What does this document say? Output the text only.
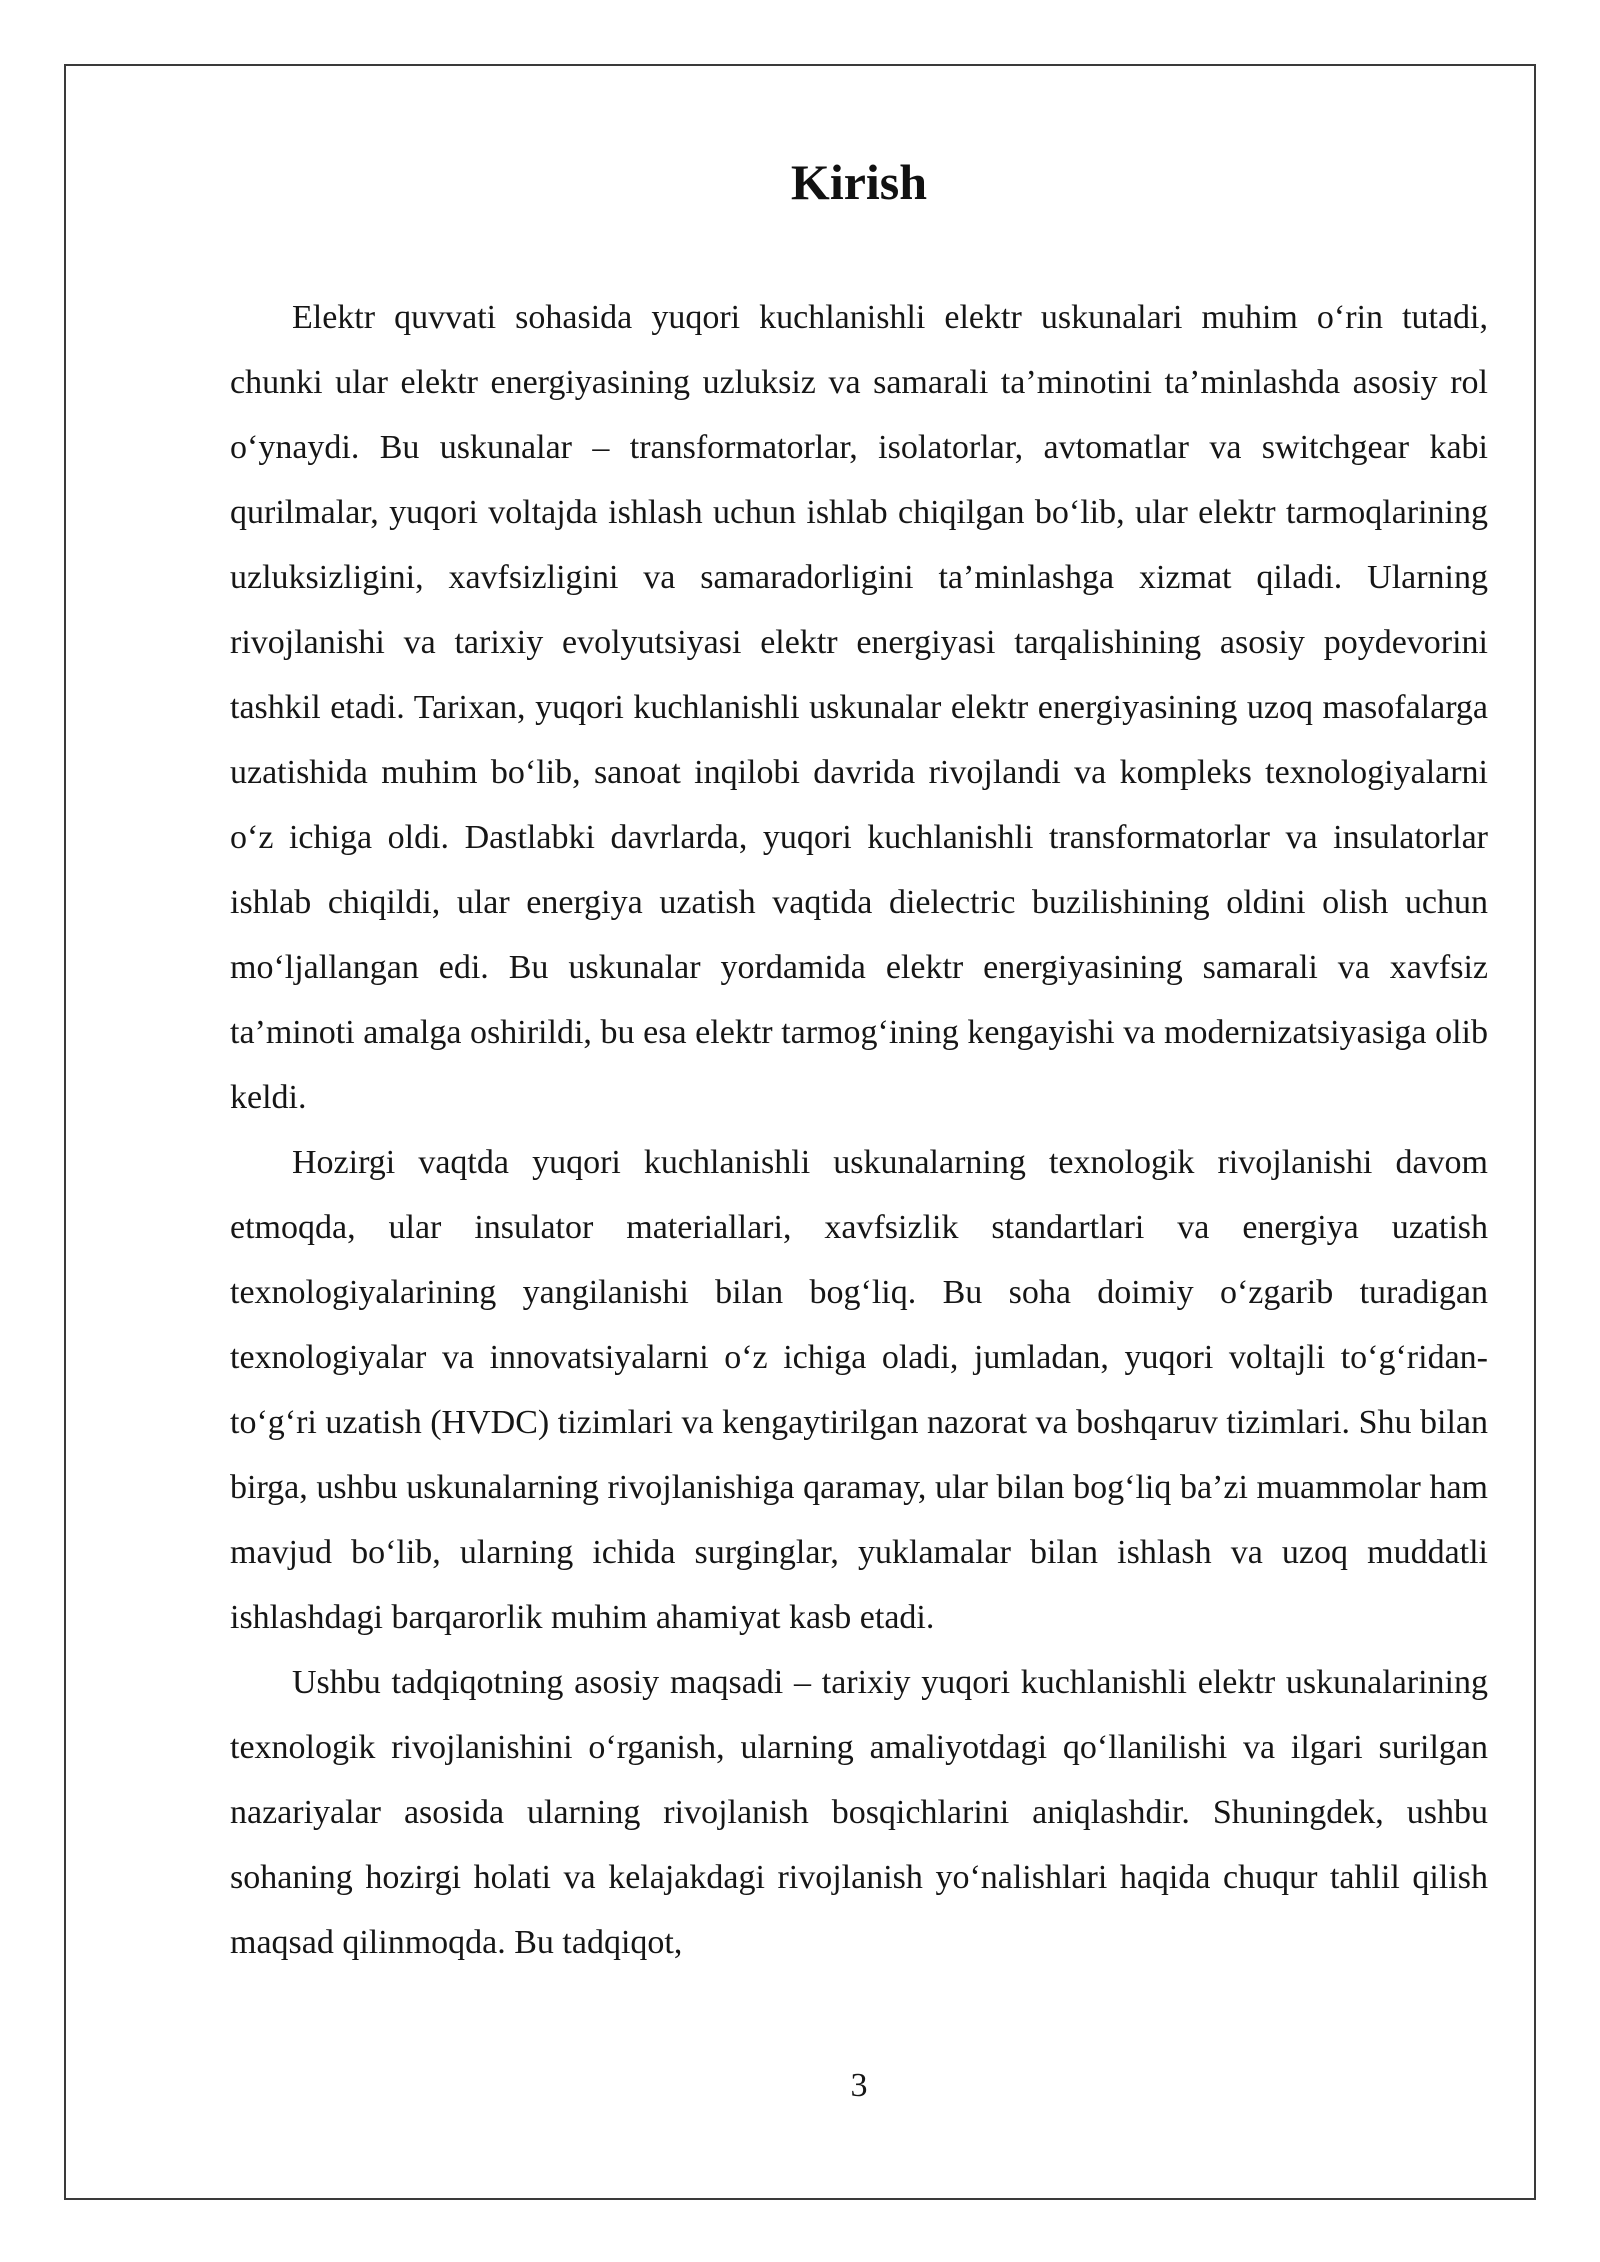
Kirish

Elektr quvvati sohasida yuqori kuchlanishli elektr uskunalari muhim o‘rin tutadi, chunki ular elektr energiyasining uzluksiz va samarali ta’minotini ta’minlashda asosiy rol o‘ynaydi. Bu uskunalar – transformatorlar, isolatorlar, avtomatlar va switchgear kabi qurilmalar, yuqori voltajda ishlash uchun ishlab chiqilgan bo‘lib, ular elektr tarmoqlarining uzluksizligini, xavfsizligini va samaradorligini ta’minlashga xizmat qiladi. Ularning rivojlanishi va tarixiy evolyutsiyasi elektr energiyasi tarqalishining asosiy poydevorini tashkil etadi. Tarixan, yuqori kuchlanishli uskunalar elektr energiyasining uzoq masofalarga uzatishida muhim bo‘lib, sanoat inqilobi davrida rivojlandi va kompleks texnologiyalarni o‘z ichiga oldi. Dastlabki davrlarda, yuqori kuchlanishli transformatorlar va insulatorlar ishlab chiqildi, ular energiya uzatish vaqtida dielectric buzilishining oldini olish uchun mo‘ljallangan edi. Bu uskunalar yordamida elektr energiyasining samarali va xavfsiz ta’minoti amalga oshirildi, bu esa elektr tarmog‘ining kengayishi va modernizatsiyasiga olib keldi.

Hozirgi vaqtda yuqori kuchlanishli uskunalarning texnologik rivojlanishi davom etmoqda, ular insulator materiallari, xavfsizlik standartlari va energiya uzatish texnologiyalarining yangilanishi bilan bog‘liq. Bu soha doimiy o‘zgarib turadigan texnologiyalar va innovatsiyalarni o‘z ichiga oladi, jumladan, yuqori voltajli to‘g‘ridan-to‘g‘ri uzatish (HVDC) tizimlari va kengaytirilgan nazorat va boshqaruv tizimlari. Shu bilan birga, ushbu uskunalarning rivojlanishiga qaramay, ular bilan bog‘liq ba’zi muammolar ham mavjud bo‘lib, ularning ichida surginglar, yuklamalar bilan ishlash va uzoq muddatli ishlashdagi barqarorlik muhim ahamiyat kasb etadi.

Ushbu tadqiqotning asosiy maqsadi – tarixiy yuqori kuchlanishli elektr uskunalarining texnologik rivojlanishini o‘rganish, ularning amaliyotdagi qo‘llanilishi va ilgari surilgan nazariyalar asosida ularning rivojlanish bosqichlarini aniqlashdir. Shuningdek, ushbu sohaning hozirgi holati va kelajakdagi rivojlanish yo‘nalishlari haqida chuqur tahlil qilish maqsad qilinmoqda. Bu tadqiqot,

3
